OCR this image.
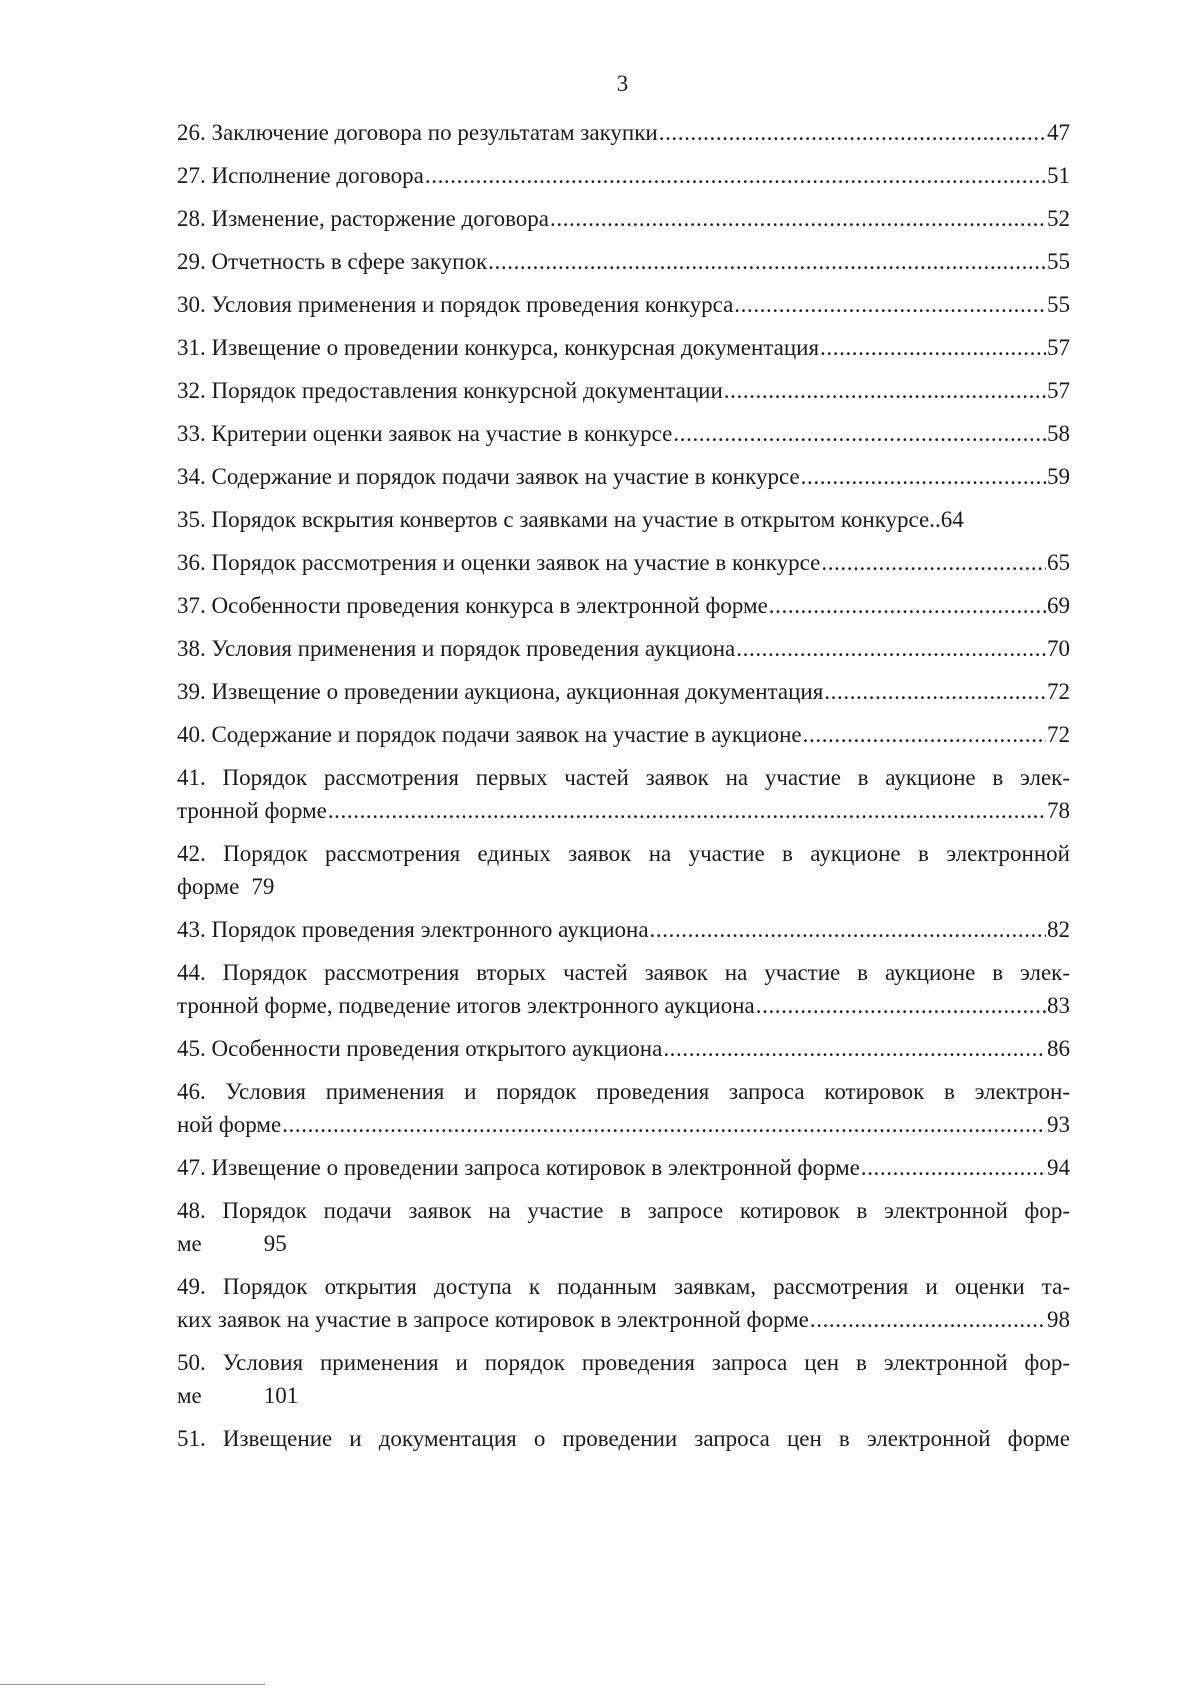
3
26. Заключение договора по результатам закупки .....	47
27. Исполнение договора .....	51
28. Изменение, расторжение договора .....	52
29. Отчетность в сфере закупок .....	55
30. Условия применения и порядок проведения конкурса .....	55
31. Извещение о проведении конкурса, конкурсная документация .....	57
32. Порядок предоставления конкурсной документации .....	57
33. Критерии оценки заявок на участие в конкурсе .....	58
34. Содержание и порядок подачи заявок на участие в конкурсе .....	59
35. Порядок вскрытия конвертов с заявками на участие в открытом конкурсе .. 64
36. Порядок рассмотрения и оценки заявок на участие в конкурсе .....	65
37. Особенности проведения конкурса в электронной форме .....	69
38. Условия применения и порядок проведения аукциона .....	70
39. Извещение о проведении аукциона, аукционная документация .....	72
40. Содержание и порядок подачи заявок на участие в аукционе .....	72
41. Порядок рассмотрения первых частей заявок на участие в аукционе в элек-
тронной форме .....	78
42. Порядок рассмотрения единых заявок на участие в аукционе в электронной
форме 79
43. Порядок проведения электронного аукциона .....	82
44. Порядок рассмотрения вторых частей заявок на участие в аукционе в элек-
тронной форме, подведение итогов электронного аукциона .....	83
45. Особенности проведения открытого аукциона .....	86
46. Условия применения и порядок проведения запроса котировок в электрон-
ной форме .....	93
47. Извещение о проведении запроса котировок в электронной форме .....	94
48. Порядок подачи заявок на участие в запросе котировок в электронной фор-
ме	95
49. Порядок открытия доступа к поданным заявкам, рассмотрения и оценки та-
ких заявок на участие в запросе котировок в электронной форме .....	98
50. Условия применения и порядок проведения запроса цен в электронной фор-
ме	101
51. Извещение и документация о проведении запроса цен в электронной форме
